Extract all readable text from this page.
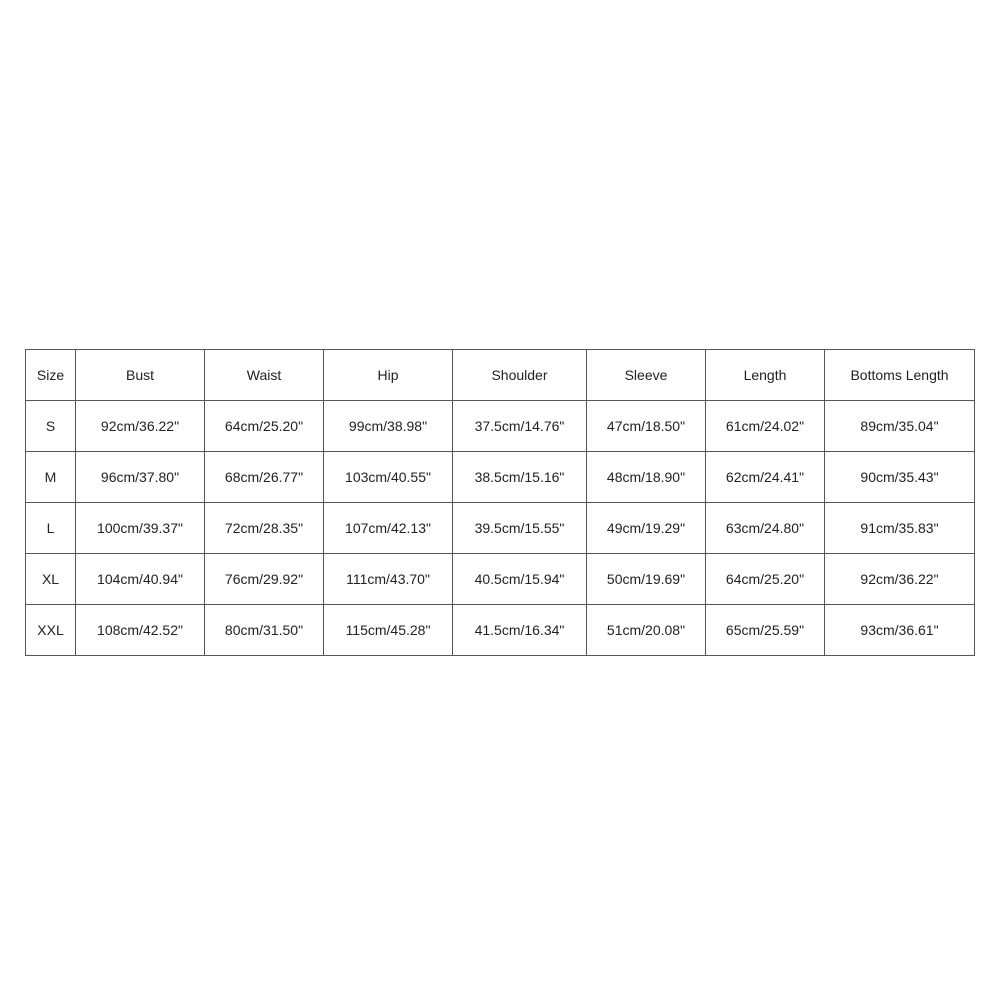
Size	Bust	Waist	Hip	Shoulder	Sleeve	Length	Bottoms Length
S	92cm/36.22"	64cm/25.20"	99cm/38.98"	37.5cm/14.76"	47cm/18.50"	61cm/24.02"	89cm/35.04"
M	96cm/37.80"	68cm/26.77"	103cm/40.55"	38.5cm/15.16"	48cm/18.90"	62cm/24.41"	90cm/35.43"
L	100cm/39.37"	72cm/28.35"	107cm/42.13"	39.5cm/15.55"	49cm/19.29"	63cm/24.80"	91cm/35.83"
XL	104cm/40.94"	76cm/29.92"	111cm/43.70"	40.5cm/15.94"	50cm/19.69"	64cm/25.20"	92cm/36.22"
XXL	108cm/42.52"	80cm/31.50"	115cm/45.28"	41.5cm/16.34"	51cm/20.08"	65cm/25.59"	93cm/36.61"
